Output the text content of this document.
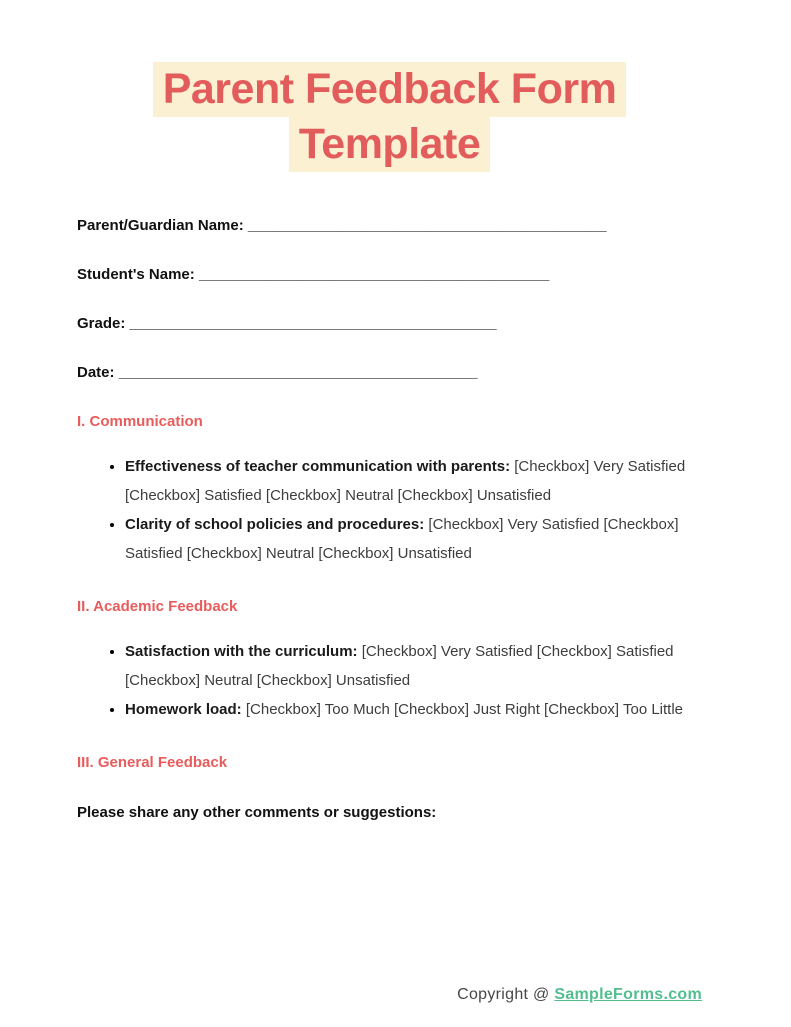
Parent Feedback Form
Template
Parent/Guardian Name: ___________________________________________
Student's Name: __________________________________________
Grade: ____________________________________________
Date: ___________________________________________
I. Communication
• Effectiveness of teacher communication with parents: [Checkbox] Very Satisfied [Checkbox] Satisfied [Checkbox] Neutral [Checkbox] Unsatisfied
• Clarity of school policies and procedures: [Checkbox] Very Satisfied [Checkbox] Satisfied [Checkbox] Neutral [Checkbox] Unsatisfied
II. Academic Feedback
• Satisfaction with the curriculum: [Checkbox] Very Satisfied [Checkbox] Satisfied [Checkbox] Neutral [Checkbox] Unsatisfied
• Homework load: [Checkbox] Too Much [Checkbox] Just Right [Checkbox] Too Little
III. General Feedback
Please share any other comments or suggestions:
Copyright @ SampleForms.com
